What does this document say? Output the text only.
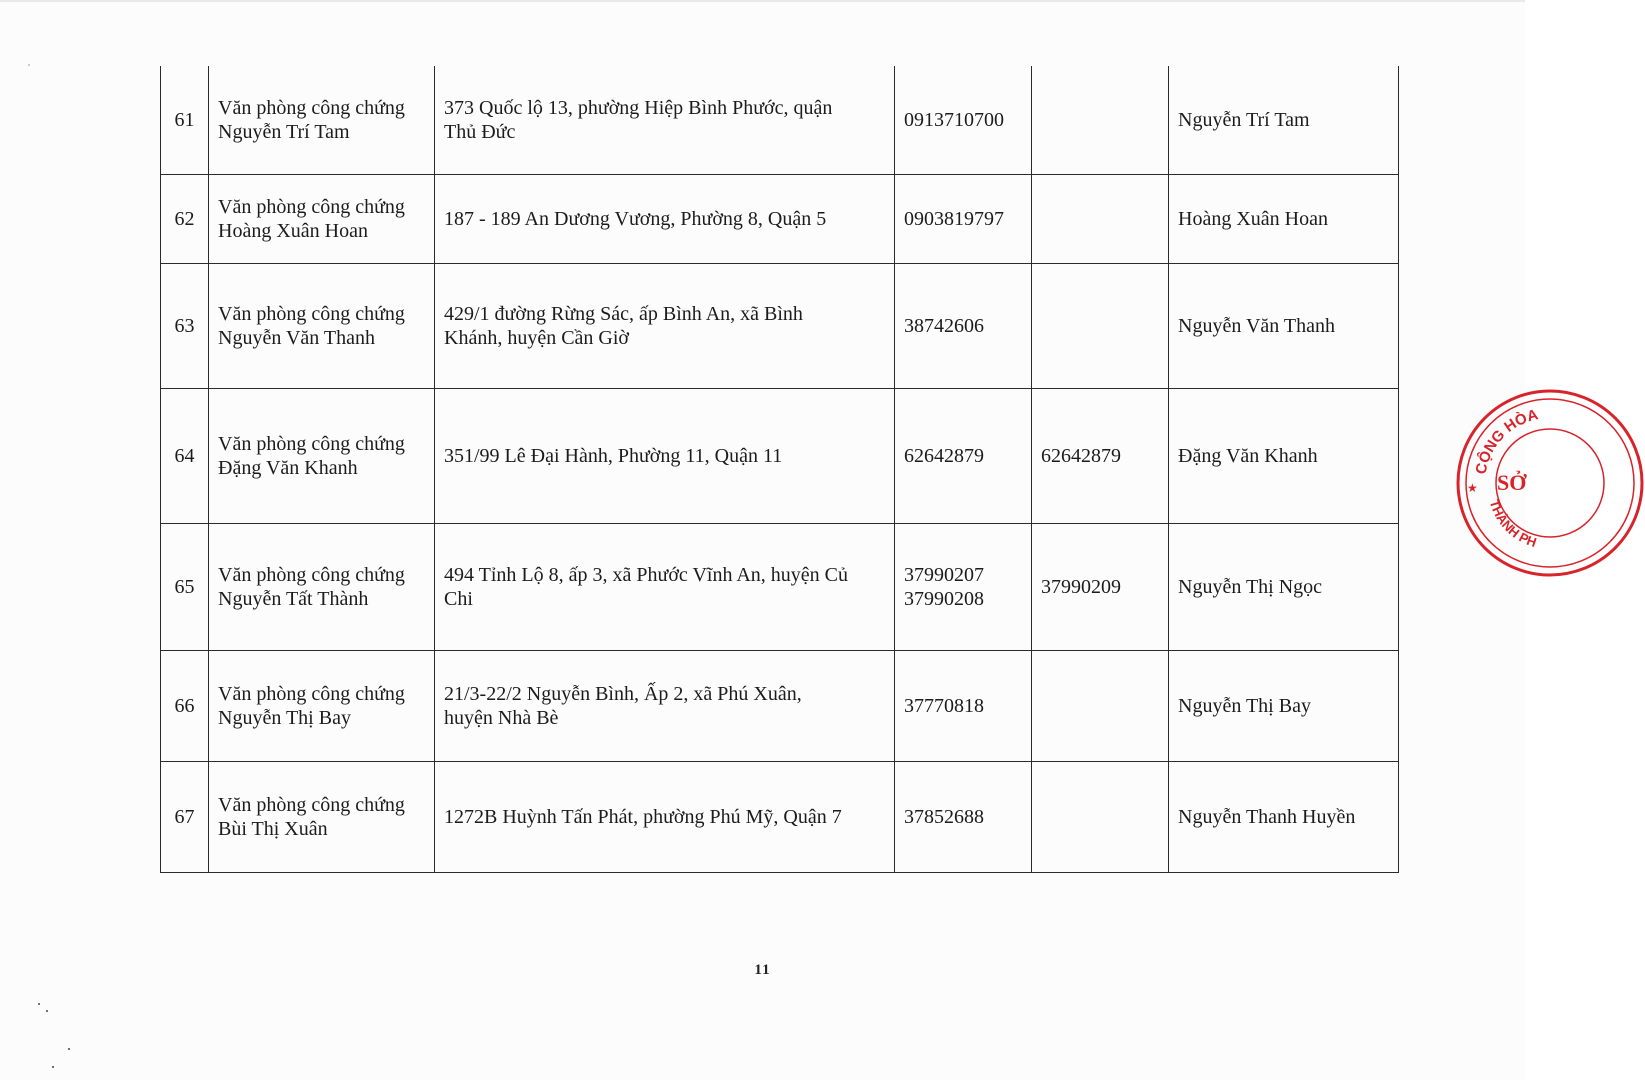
61	Văn phòng công chứng
Nguyễn Trí Tam	373 Quốc lộ 13, phường Hiệp Bình Phước, quận
Thủ Đức	0913710700		Nguyễn Trí Tam
62	Văn phòng công chứng
Hoàng Xuân Hoan	187 - 189 An Dương Vương, Phường 8, Quận 5	0903819797		Hoàng Xuân Hoan
63	Văn phòng công chứng
Nguyễn Văn Thanh	429/1 đường Rừng Sác, ấp Bình An, xã Bình
Khánh, huyện Cần Giờ	38742606		Nguyễn Văn Thanh
64	Văn phòng công chứng
Đặng Văn Khanh	351/99 Lê Đại Hành, Phường 11, Quận 11	62642879	62642879	Đặng Văn Khanh
65	Văn phòng công chứng
Nguyễn Tất Thành	494 Tỉnh Lộ 8, ấp 3, xã Phước Vĩnh An, huyện Củ
Chi	37990207
37990208	37990209	Nguyễn Thị Ngọc
66	Văn phòng công chứng
Nguyễn Thị Bay	21/3-22/2 Nguyễn Bình, Ấp 2, xã Phú Xuân,
huyện Nhà Bè	37770818		Nguyễn Thị Bay
67	Văn phòng công chứng
Bùi Thị Xuân	1272B Huỳnh Tấn Phát, phường Phú Mỹ, Quận 7	37852688		Nguyễn Thanh Huyền
11
CỘNG HÒA
THÀNH PH
SỞ
★
